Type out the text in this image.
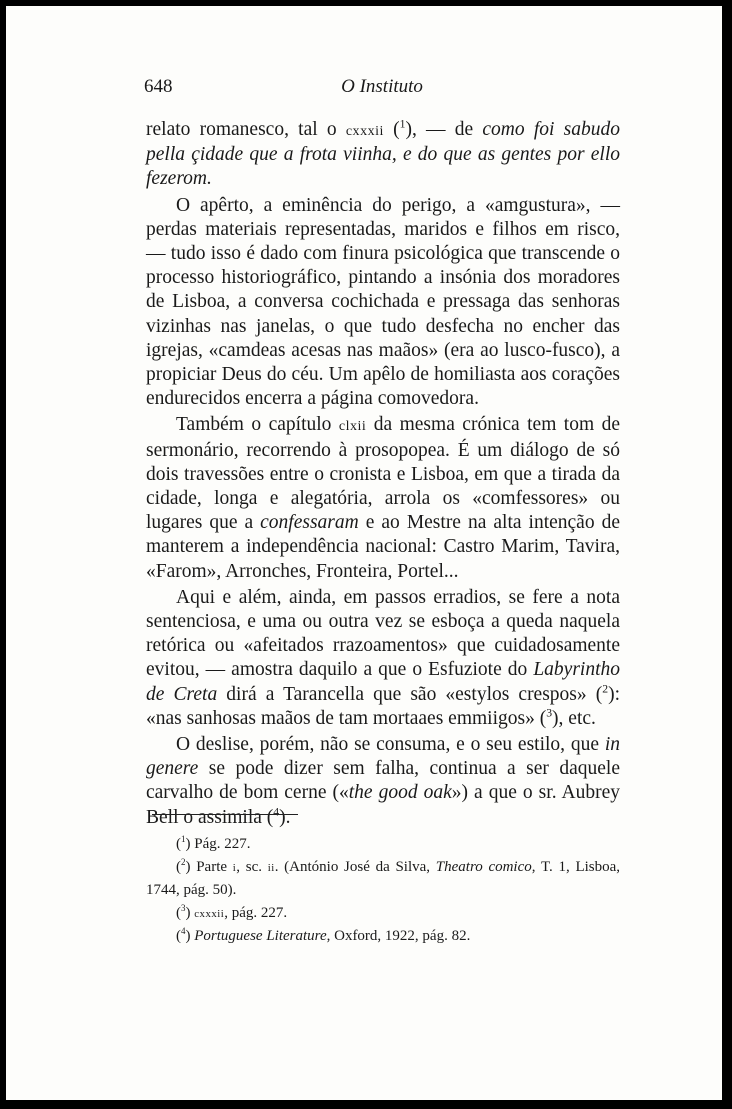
648	O Instituto

relato romanesco, tal o cxxxii ($^1$), — de como foi sabudo pella çidade que a frota viinha, e do que as gentes por ello fezerom.

O apêrto, a eminência do perigo, a «amgustura», — perdas materiais representadas, maridos e filhos em risco, — tudo isso é dado com finura psicológica que transcende o processo historiográfico, pintando a insónia dos moradores de Lisboa, a conversa cochichada e pressaga das senhoras vizinhas nas janelas, o que tudo desfecha no encher das igrejas, «camdeas acesas nas maãos» (era ao lusco-fusco), a propiciar Deus do céu. Um apêlo de homiliasta aos corações endurecidos encerra a página comovedora.

Também o capítulo clxii da mesma crónica tem tom de sermonário, recorrendo à prosopopea. É um diálogo de só dois travessões entre o cronista e Lisboa, em que a tirada da cidade, longa e alegatória, arrola os «comfessores» ou lugares que a confessaram e ao Mestre na alta intenção de manterem a independência nacional: Castro Marim, Tavira, «Farom», Arronches, Fronteira, Portel...

Aqui e além, ainda, em passos erradios, se fere a nota sentenciosa, e uma ou outra vez se esboça a queda naquela retórica ou «afeitados rrazoamentos» que cuidadosamente evitou, — amostra daquilo a que o Esfuziote do Labyrintho de Creta dirá a Tarancella que são «estylos crespos» ($^2$): «nas sanhosas maãos de tam mortaaes emmiigos» ($^3$), etc.

O deslise, porém, não se consuma, e o seu estilo, que in genere se pode dizer sem falha, continua a ser daquele carvalho de bom cerne («the good oak») a que o sr. Aubrey Bell o assimila ($^4$).

($^1$) Pág. 227.

($^2$) Parte i, sc. ii. (António José da Silva, Theatro comico, T. 1, Lisboa, 1744, pág. 50).

($^3$) cxxxii, pág. 227.

($^4$) Portuguese Literature, Oxford, 1922, pág. 82.
